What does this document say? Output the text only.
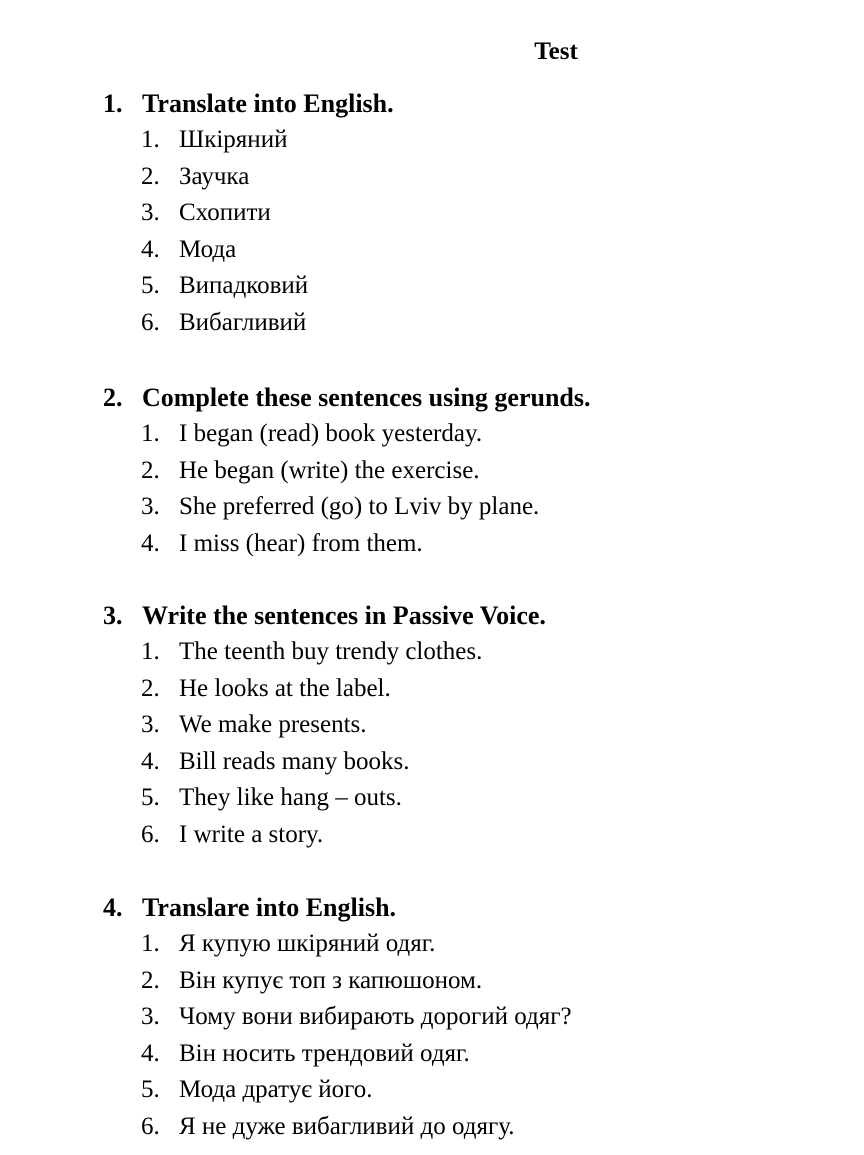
Test
1. Translate into English.
1. Шкіряний
2. Заучка
3. Схопити
4. Мода
5. Випадковий
6. Вибагливий
2. Complete these sentences using gerunds.
1. I began (read) book yesterday.
2. He began (write) the exercise.
3. She preferred (go) to Lviv by plane.
4. I miss (hear) from them.
3. Write the sentences in Passive Voice.
1. The teenth buy trendy clothes.
2. He looks at the label.
3. We make presents.
4. Bill reads many books.
5. They like hang – outs.
6. I write a story.
4. Translare into English.
1. Я купую шкіряний одяг.
2. Він купує топ з капюшоном.
3. Чому вони вибирають дорогий одяг?
4. Він носить трендовий одяг.
5. Мода дратує його.
6. Я не дуже вибагливий до одягу.
